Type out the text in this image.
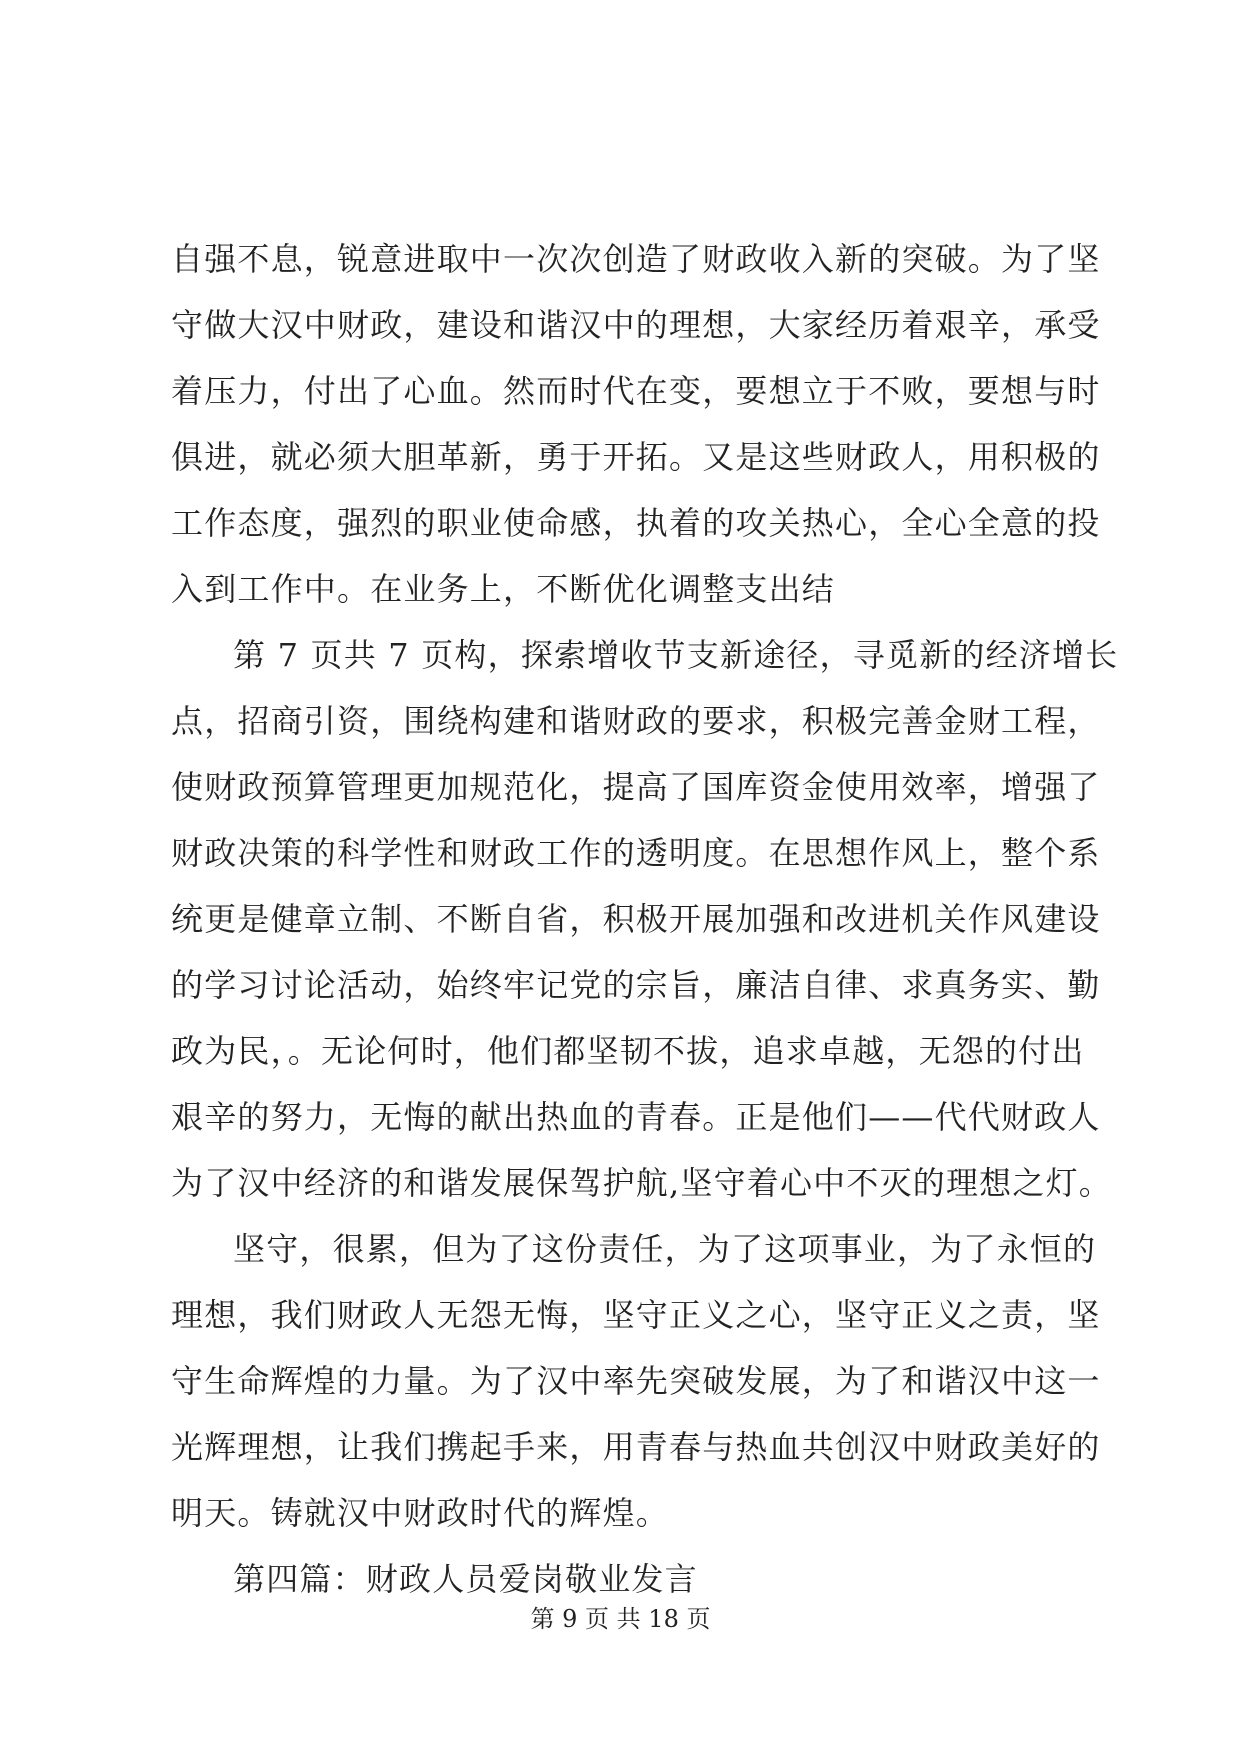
自强不息，锐意进取中一次次创造了财政收入新的突破。为了坚
守做大汉中财政，建设和谐汉中的理想，大家经历着艰辛，承受
着压力，付出了心血。然而时代在变，要想立于不败，要想与时
俱进，就必须大胆革新，勇于开拓。又是这些财政人，用积极的
工作态度，强烈的职业使命感，执着的攻关热心，全心全意的投
入到工作中。在业务上，不断优化调整支出结
第 7 页共 7 页构，探索增收节支新途径，寻觅新的经济增长
点，招商引资，围绕构建和谐财政的要求，积极完善金财工程，
使财政预算管理更加规范化，提高了国库资金使用效率，增强了
财政决策的科学性和财政工作的透明度。在思想作风上，整个系
统更是健章立制、不断自省，积极开展加强和改进机关作风建设
的学习讨论活动，始终牢记党的宗旨，廉洁自律、求真务实、勤
政为民，。无论何时，他们都坚韧不拔，追求卓越，无怨的付出
艰辛的努力，无悔的献出热血的青春。正是他们——代代财政人
为了汉中经济的和谐发展保驾护航,坚守着心中不灭的理想之灯。
坚守，很累，但为了这份责任，为了这项事业，为了永恒的
理想，我们财政人无怨无悔，坚守正义之心，坚守正义之责，坚
守生命辉煌的力量。为了汉中率先突破发展，为了和谐汉中这一
光辉理想，让我们携起手来，用青春与热血共创汉中财政美好的
明天。铸就汉中财政时代的辉煌。
第四篇：财政人员爱岗敬业发言
第 9 页 共 18 页
